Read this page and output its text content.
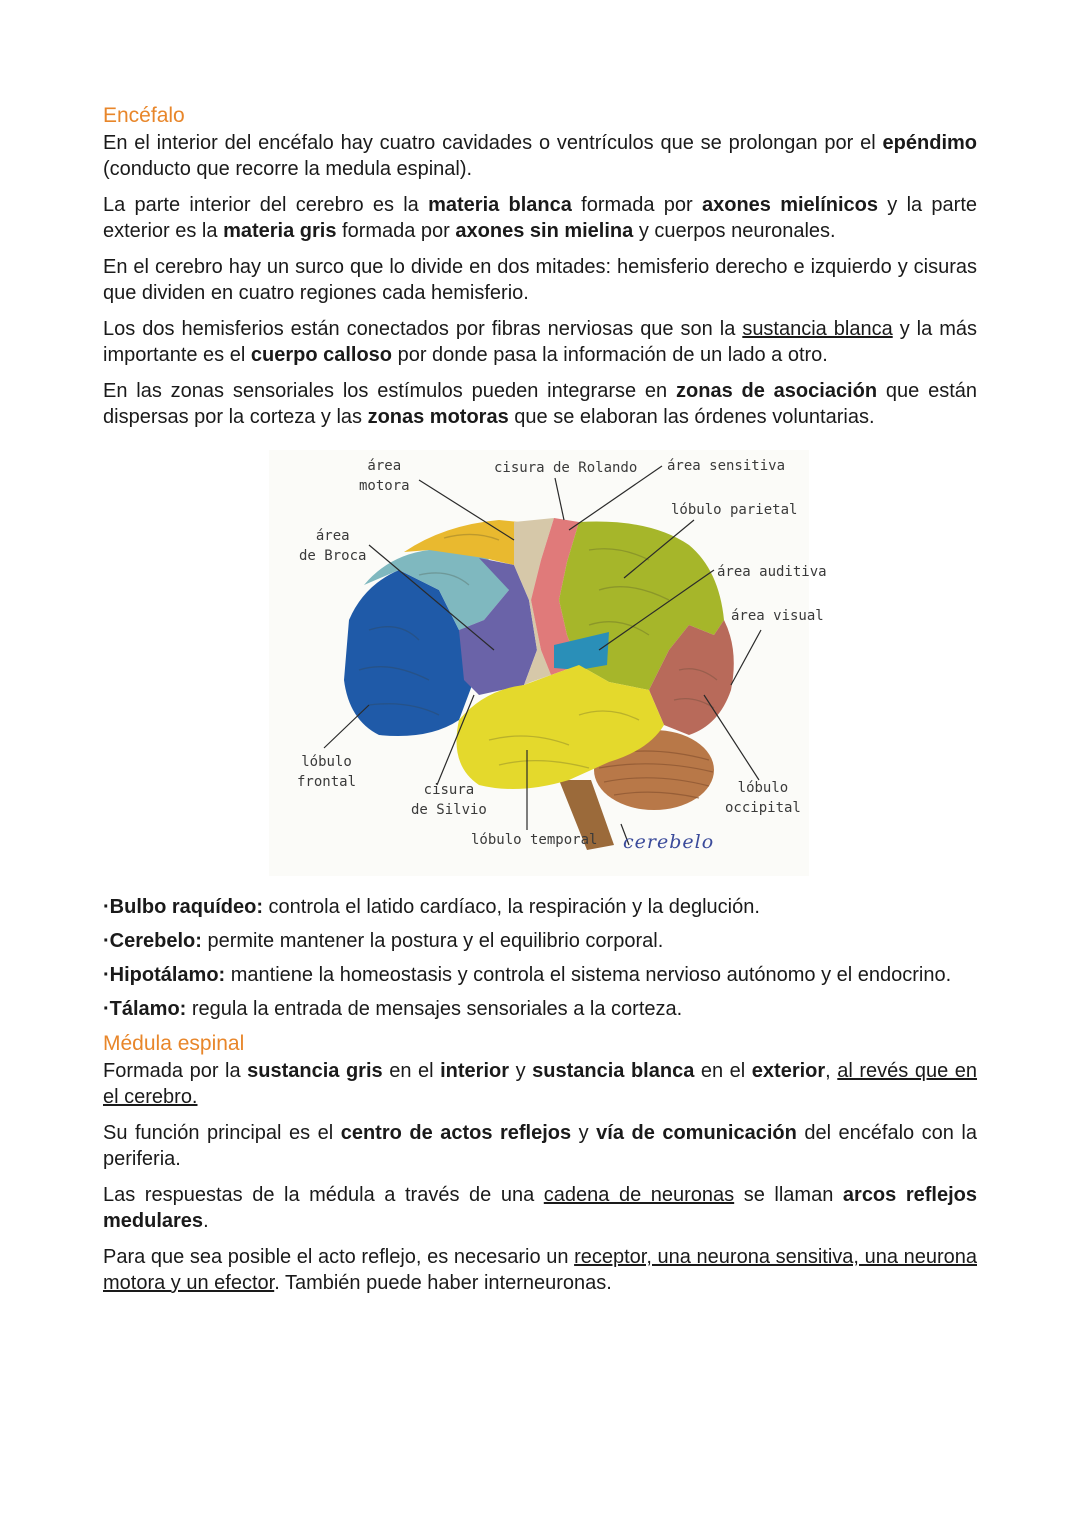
Encéfalo

En el interior del encéfalo hay cuatro cavidades o ventrículos que se prolongan por el epéndimo (conducto que recorre la medula espinal).

La parte interior del cerebro es la materia blanca formada por axones mielínicos y la parte exterior es la materia gris formada por axones sin mielina y cuerpos neuronales.

En el cerebro hay un surco que lo divide en dos mitades: hemisferio derecho e izquierdo y cisuras que dividen en cuatro regiones cada hemisferio.

Los dos hemisferios están conectados por fibras nerviosas que son la sustancia blanca y la más importante es el cuerpo calloso por donde pasa la información de un lado a otro.

En las zonas sensoriales los estímulos pueden integrarse en zonas de asociación que están dispersas por la corteza y las zonas motoras que se elaboran las órdenes voluntarias.

área
motora
cisura de Rolando área sensitiva
lóbulo parietal
área
de Broca
área auditiva
área visual
lóbulo
frontal	cisura
de Silvio
lóbulo
occipital
lóbulo temporal cerebelo

·Bulbo raquídeo: controla el latido cardíaco, la respiración y la deglución.

·Cerebelo: permite mantener la postura y el equilibrio corporal.

·Hipotálamo: mantiene la homeostasis y controla el sistema nervioso autónomo y el endocrino.

·Tálamo: regula la entrada de mensajes sensoriales a la corteza.

Médula espinal

Formada por la sustancia gris en el interior y sustancia blanca en el exterior, al revés que en el cerebro.

Su función principal es el centro de actos reflejos y vía de comunicación del encéfalo con la periferia.

Las respuestas de la médula a través de una cadena de neuronas se llaman arcos reflejos medulares.

Para que sea posible el acto reflejo, es necesario un receptor, una neurona sensitiva, una neurona motora y un efector. También puede haber interneuronas.
